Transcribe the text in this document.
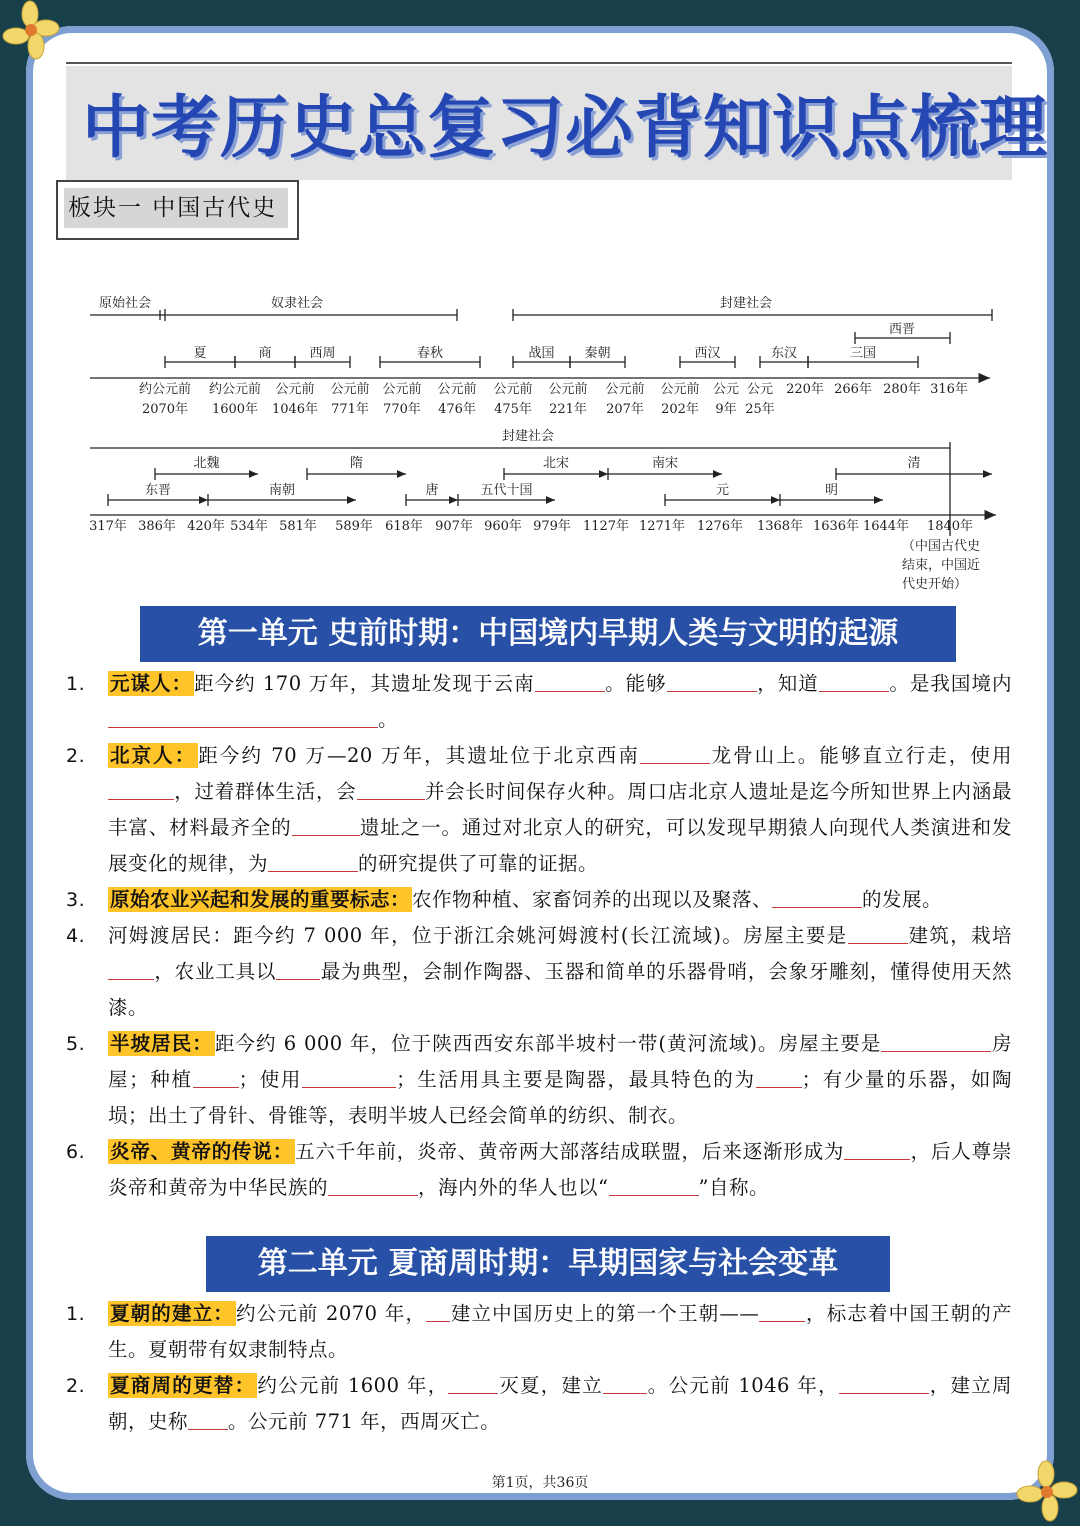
中考历史总复习必背知识点梳理
板块一 中国古代史
原始社会	奴隶社会	封建社会
西晋
夏	商	西周	春秋	战国 秦朝	西汉	东汉	三国
约公元前
2070年
约公元前
1600年
公元前
1046年
公元前
771年
公元前
770年
公元前
476年
公元前
475年
公元前
221年
公元前
207年
公元前
202年
公元
9年
公元
25年
220年 266年 280年 316年
封建社会
北魏	隋	北宋	南宋	清
东晋	南朝	唐	五代十国	元	明
317年 386年 420年 534年 581年 589年 618年 907年 960年 979年 1127年 1271年 1276年 1368年 1636年 1644年 1840年
（中国古代史
结束，中国近
代史开始）
第一单元 史前时期：中国境内早期人类与文明的起源
1. 元谋人： 距今约 170 万年，其遗址发现于云南	。能够	，知道	。是我国境内。
2. 北京人： 距今约 70 万—20 万年，其遗址位于北京西南	龙骨山上。能够直立行走，使用，过着群体生活，会	并会长时间保存火种。周口店北京人遗址是迄今所知世界上内涵最丰富、材料最齐全的	遗址之一。通过对北京人的研究，可以发现早期猿人向现代人类演进和发展变化的规律，为	的研究提供了可靠的证据。
3. 原始农业兴起和发展的重要标志： 农作物种植、家畜饲养的出现以及聚落、	的发展。
4. 河姆渡居民：距今约 7 000 年，位于浙江余姚河姆渡村(长江流域)。房屋主要是	建筑，栽培，农业工具以 最为典型，会制作陶器、玉器和简单的乐器骨哨，会象牙雕刻，懂得使用天然漆。
5. 半坡居民： 距今约 6 000 年，位于陕西西安东部半坡村一带(黄河流域)。房屋主要是	房屋；种植 ；使用	；生活用具主要是陶器，最具特色的为 ；有少量的乐器，如陶埙；出土了骨针、骨锥等，表明半坡人已经会简单的纺织、制衣。
6. 炎帝、黄帝的传说： 五六千年前，炎帝、黄帝两大部落结成联盟，后来逐渐形成为	，后人尊崇炎帝和黄帝为中华民族的	，海内外的华人也以“	”自称。
第二单元 夏商周时期：早期国家与社会变革
1. 夏朝的建立： 约公元前 2070 年， 建立中国历史上的第一个王朝—— ，标志着中国王朝的产生。夏朝带有奴隶制特点。
2. 夏商周的更替： 约公元前 1600 年，	灭夏，建立 。公元前 1046 年，	，建立周朝，史称 。公元前 771 年，西周灭亡。
第1页，共36页
